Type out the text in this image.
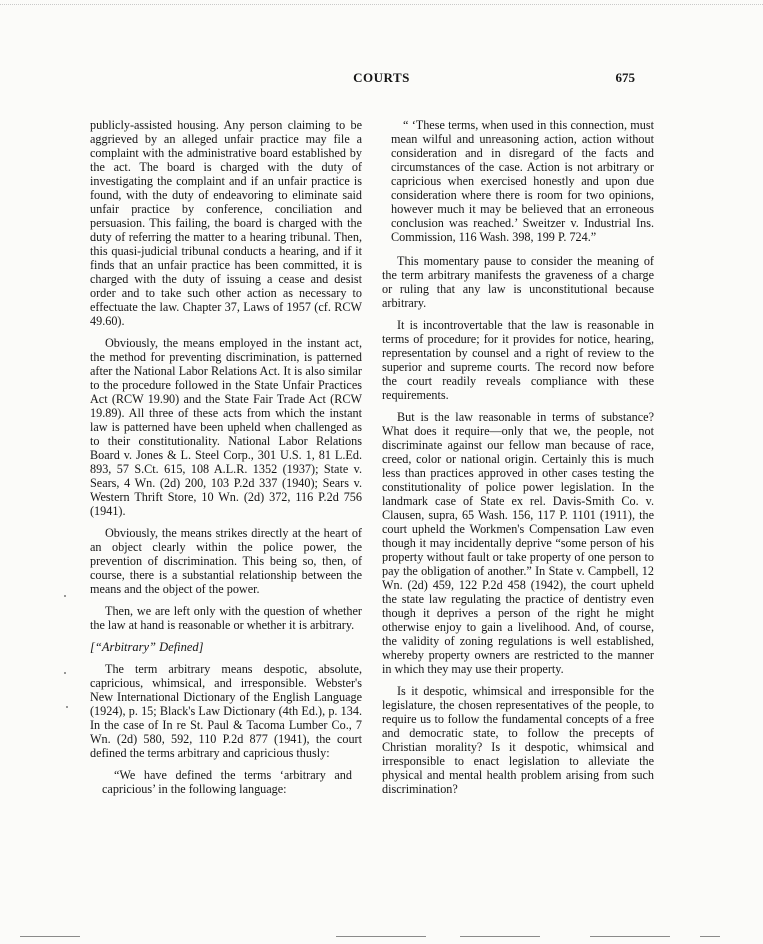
COURTS	675

publicly-assisted housing. Any person claiming to be aggrieved by an alleged unfair practice may file a complaint with the administrative board established by the act. The board is charged with the duty of investigating the complaint and if an unfair practice is found, with the duty of endeavoring to eliminate said unfair practice by conference, conciliation and persuasion. This failing, the board is charged with the duty of referring the matter to a hearing tribunal. Then, this quasi-judicial tribunal conducts a hearing, and if it finds that an unfair practice has been committed, it is charged with the duty of issuing a cease and desist order and to take such other action as necessary to effectuate the law. Chapter 37, Laws of 1957 (cf. RCW 49.60).

Obviously, the means employed in the instant act, the method for preventing discrimination, is patterned after the National Labor Relations Act. It is also similar to the procedure followed in the State Unfair Practices Act (RCW 19.90) and the State Fair Trade Act (RCW 19.89). All three of these acts from which the instant law is patterned have been upheld when challenged as to their constitutionality. National Labor Relations Board v. Jones & L. Steel Corp., 301 U.S. 1, 81 L.Ed. 893, 57 S.Ct. 615, 108 A.L.R. 1352 (1937); State v. Sears, 4 Wn. (2d) 200, 103 P.2d 337 (1940); Sears v. Western Thrift Store, 10 Wn. (2d) 372, 116 P.2d 756 (1941).

Obviously, the means strikes directly at the heart of an object clearly within the police power, the prevention of discrimination. This being so, then, of course, there is a substantial relationship between the means and the object of the power.

Then, we are left only with the question of whether the law at hand is reasonable or whether it is arbitrary.

[“Arbitrary” Defined]

The term arbitrary means despotic, absolute, capricious, whimsical, and irresponsible. Webster's New International Dictionary of the English Language (1924), p. 15; Black's Law Dictionary (4th Ed.), p. 134. In the case of In re St. Paul & Tacoma Lumber Co., 7 Wn. (2d) 580, 592, 110 P.2d 877 (1941), the court defined the terms arbitrary and capricious thusly:

“We have defined the terms ‘arbitrary and capricious’ in the following language:

“ ‘These terms, when used in this connection, must mean wilful and unreasoning action, action without consideration and in disregard of the facts and circumstances of the case. Action is not arbitrary or capricious when exercised honestly and upon due consideration where there is room for two opinions, however much it may be believed that an erroneous conclusion was reached.’ Sweitzer v. Industrial Ins. Commission, 116 Wash. 398, 199 P. 724.”

This momentary pause to consider the meaning of the term arbitrary manifests the graveness of a charge or ruling that any law is unconstitutional because arbitrary.

It is incontrovertable that the law is reasonable in terms of procedure; for it provides for notice, hearing, representation by counsel and a right of review to the superior and supreme courts. The record now before the court readily reveals compliance with these requirements.

But is the law reasonable in terms of substance? What does it require—only that we, the people, not discriminate against our fellow man because of race, creed, color or national origin. Certainly this is much less than practices approved in other cases testing the constitutionality of police power legislation. In the landmark case of State ex rel. Davis-Smith Co. v. Clausen, supra, 65 Wash. 156, 117 P. 1101 (1911), the court upheld the Workmen's Compensation Law even though it may incidentally deprive “some person of his property without fault or take property of one person to pay the obligation of another.” In State v. Campbell, 12 Wn. (2d) 459, 122 P.2d 458 (1942), the court upheld the state law regulating the practice of dentistry even though it deprives a person of the right he might otherwise enjoy to gain a livelihood. And, of course, the validity of zoning regulations is well established, whereby property owners are restricted to the manner in which they may use their property.

Is it despotic, whimsical and irresponsible for the legislature, the chosen representatives of the people, to require us to follow the fundamental concepts of a free and democratic state, to follow the precepts of Christian morality? Is it despotic, whimsical and irresponsible to enact legislation to alleviate the physical and mental health problem arising from such discrimination?
